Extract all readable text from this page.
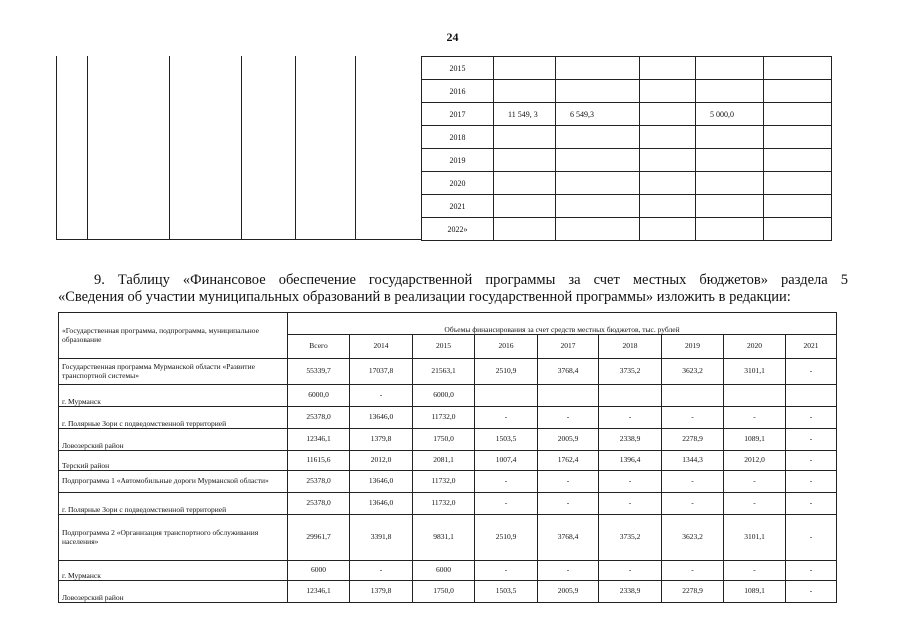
24
2015					
2016					
2017	11 549, 3	6 549,3		5 000,0	
2018					
2019					
2020					
2021					
2022»					
9. Таблицу «Финансовое обеспечение государственной программы за счет местных бюджетов» раздела 5
«Сведения об участии муниципальных образований в реализации государственной программы» изложить в редакции:
«Государственная программа, подпрограмма, муниципальное образование	Объемы финансирования за счет средств местных бюджетов, тыс. рублей								
	Всего	2014	2015	2016	2017	2018	2019	2020	2021
Государственная программа Мурманской области «Развитие транспортной системы»	55339,7	17037,8	21563,1	2510,9	3768,4	3735,2	3623,2	3101,1	-
г. Мурманск	6000,0	-	6000,0						
г. Полярные Зори с подведомственной территорией	25378,0	13646,0	11732,0	-	-	-	-	-	-
Ловозерский район	12346,1	1379,8	1750,0	1503,5	2005,9	2338,9	2278,9	1089,1	-
Терский район	11615,6	2012,0	2081,1	1007,4	1762,4	1396,4	1344,3	2012,0	-
Подпрограмма 1 «Автомобильные дороги Мурманской области»	25378,0	13646,0	11732,0	-	-	-	-	-	-
г. Полярные Зори с подведомственной территорией	25378,0	13646,0	11732,0	-	-	-	-	-	-
Подпрограмма 2 «Организация транспортного обслуживания населения»	29961,7	3391,8	9831,1	2510,9	3768,4	3735,2	3623,2	3101,1	-
г. Мурманск	6000	-	6000	-	-	-	-	-	-
Ловозерский район	12346,1	1379,8	1750,0	1503,5	2005,9	2338,9	2278,9	1089,1	-
